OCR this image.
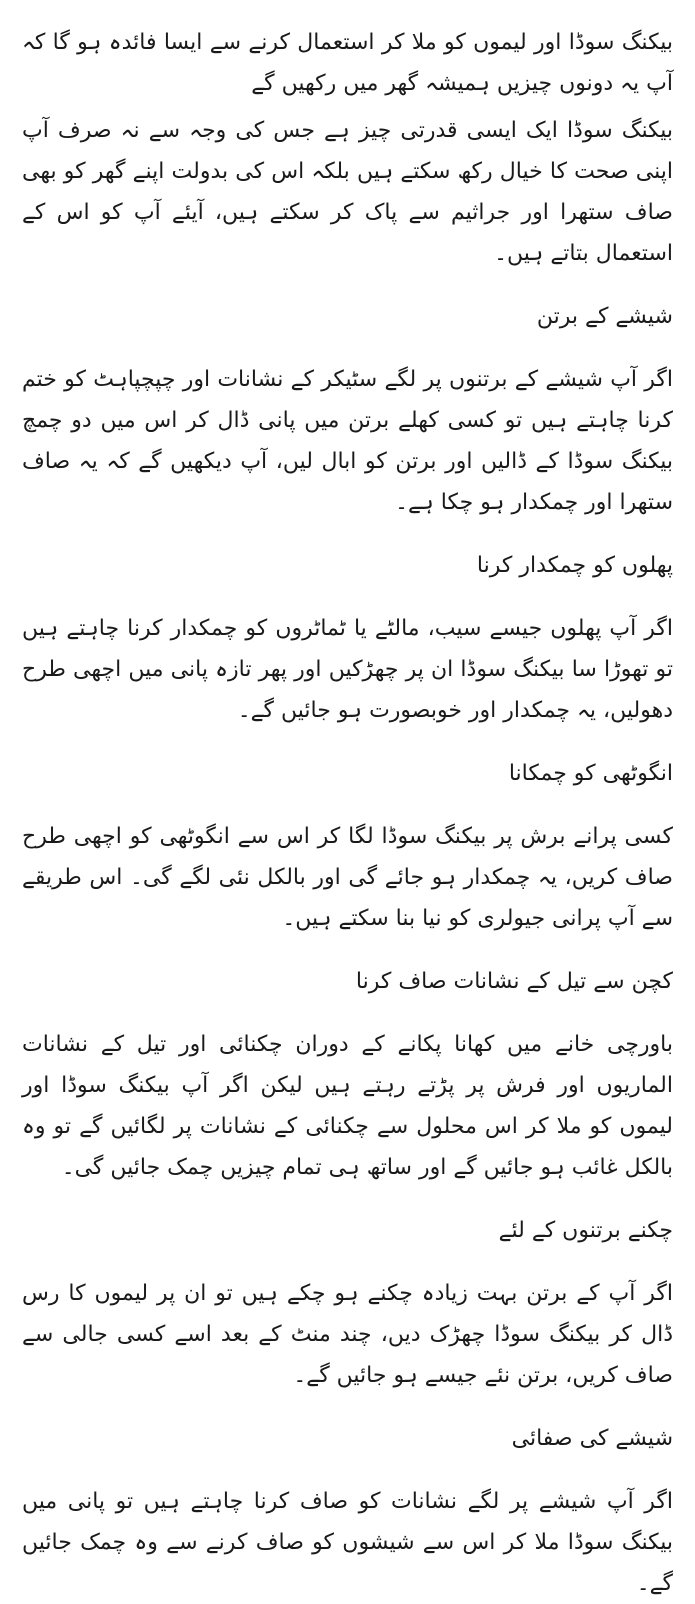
بیکنگ سوڈا اور لیموں کو ملا کر استعمال کرنے سے ایسا فائدہ ہو گا کہ آپ یہ دونوں چیزیں ہمیشہ گھر میں رکھیں گے

بیکنگ سوڈا ایک ایسی قدرتی چیز ہے جس کی وجہ سے نہ صرف آپ اپنی صحت کا خیال رکھ سکتے ہیں بلکہ اس کی بدولت اپنے گھر کو بھی صاف ستھرا اور جراثیم سے پاک کر سکتے ہیں، آیئے آپ کو اس کے استعمال بتاتے ہیں۔

شیشے کے برتن

اگر آپ شیشے کے برتنوں پر لگے سٹیکر کے نشانات اور چپچپاہٹ کو ختم کرنا چاہتے ہیں تو کسی کھلے برتن میں پانی ڈال کر اس میں دو چمچ بیکنگ سوڈا کے ڈالیں اور برتن کو ابال لیں، آپ دیکھیں گے کہ یہ صاف ستھرا اور چمکدار ہو چکا ہے۔

پھلوں کو چمکدار کرنا

اگر آپ پھلوں جیسے سیب، مالٹے یا ٹماٹروں کو چمکدار کرنا چاہتے ہیں تو تھوڑا سا بیکنگ سوڈا ان پر چھڑکیں اور پھر تازہ پانی میں اچھی طرح دھولیں، یہ چمکدار اور خوبصورت ہو جائیں گے۔

انگوٹھی کو چمکانا

کسی پرانے برش پر بیکنگ سوڈا لگا کر اس سے انگوٹھی کو اچھی طرح صاف کریں، یہ چمکدار ہو جائے گی اور بالکل نئی لگے گی۔ اس طریقے سے آپ پرانی جیولری کو نیا بنا سکتے ہیں۔

کچن سے تیل کے نشانات صاف کرنا

باورچی خانے میں کھانا پکانے کے دوران چکنائی اور تیل کے نشانات الماریوں اور فرش پر پڑتے رہتے ہیں لیکن اگر آپ بیکنگ سوڈا اور لیموں کو ملا کر اس محلول سے چکنائی کے نشانات پر لگائیں گے تو وہ بالکل غائب ہو جائیں گے اور ساتھ ہی تمام چیزیں چمک جائیں گی۔

چکنے برتنوں کے لئے

اگر آپ کے برتن بہت زیادہ چکنے ہو چکے ہیں تو ان پر لیموں کا رس ڈال کر بیکنگ سوڈا چھڑک دیں، چند منٹ کے بعد اسے کسی جالی سے صاف کریں، برتن نئے جیسے ہو جائیں گے۔

شیشے کی صفائی

اگر آپ شیشے پر لگے نشانات کو صاف کرنا چاہتے ہیں تو پانی میں بیکنگ سوڈا ملا کر اس سے شیشوں کو صاف کرنے سے وہ چمک جائیں گے۔
